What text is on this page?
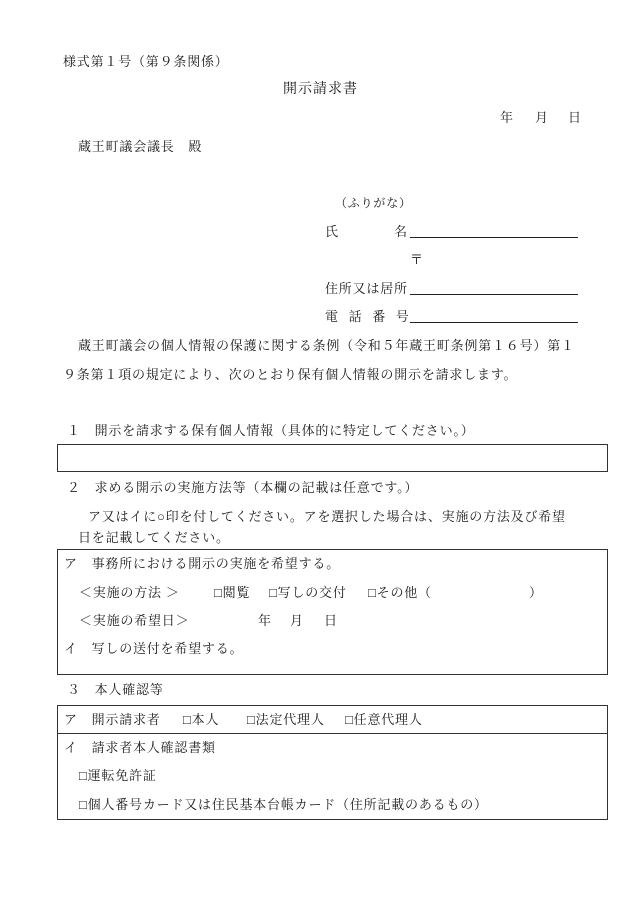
様式第１号（第９条関係）
開示請求書
年 月 日
蔵王町議会議長　殿
（ふりがな）
氏　　　　名
〒
住所又は居所
電　話　番　号
蔵王町議会の個人情報の保護に関する条例（令和５年蔵王町条例第１６号）第１
９条第１項の規定により、次のとおり保有個人情報の開示を請求します。
１　開示を請求する保有個人情報（具体的に特定してください。）
２　求める開示の実施方法等（本欄の記載は任意です。）
ア又はイに○印を付してください。アを選択した場合は、実施の方法及び希望
日を記載してください。
ア　事務所における開示の実施を希望する。
＜実施の方法 ＞	□閲覧 □写しの交付 □その他（	）
＜実施の希望日＞	年 月 日
イ　写しの送付を希望する。
３　本人確認等
ア　開示請求者 □本人 □法定代理人 □任意代理人
イ　請求者本人確認書類
□運転免許証
□個人番号カード又は住民基本台帳カード（住所記載のあるもの）
